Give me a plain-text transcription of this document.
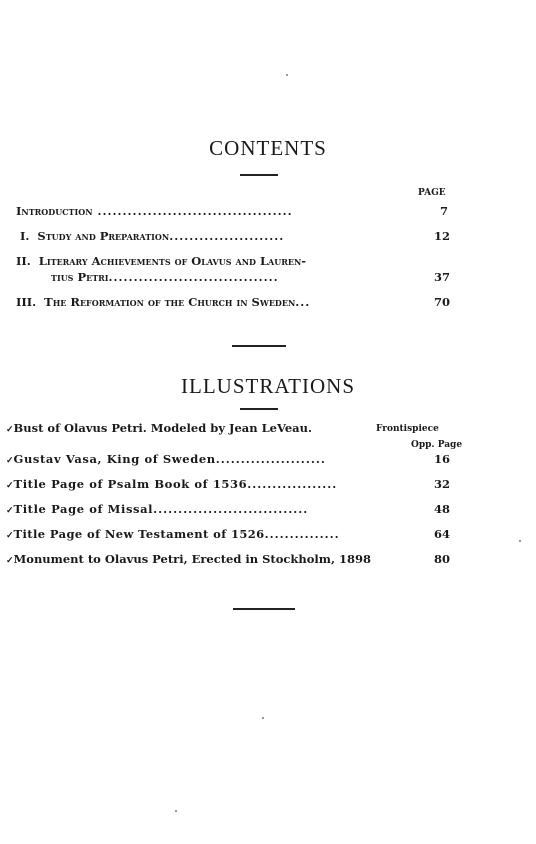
CONTENTS
PAGE
Introduction .......................................	7
I. Study and Preparation.......................	12
II. Literary Achievements of Olavus and Lauren-
tius Petri..................................	37
III. The Reformation of the Church in Sweden...	70
ILLUSTRATIONS
✓Bust of Olavus Petri. Modeled by Jean LeVeau.	Frontispiece
Opp. Page
✓Gustav Vasa, King of Sweden......................	16
✓Title Page of Psalm Book of 1536..................	32
✓Title Page of Missal...............................	48
✓Title Page of New Testament of 1526...............	64
✓Monument to Olavus Petri, Erected in Stockholm, 1898	80
